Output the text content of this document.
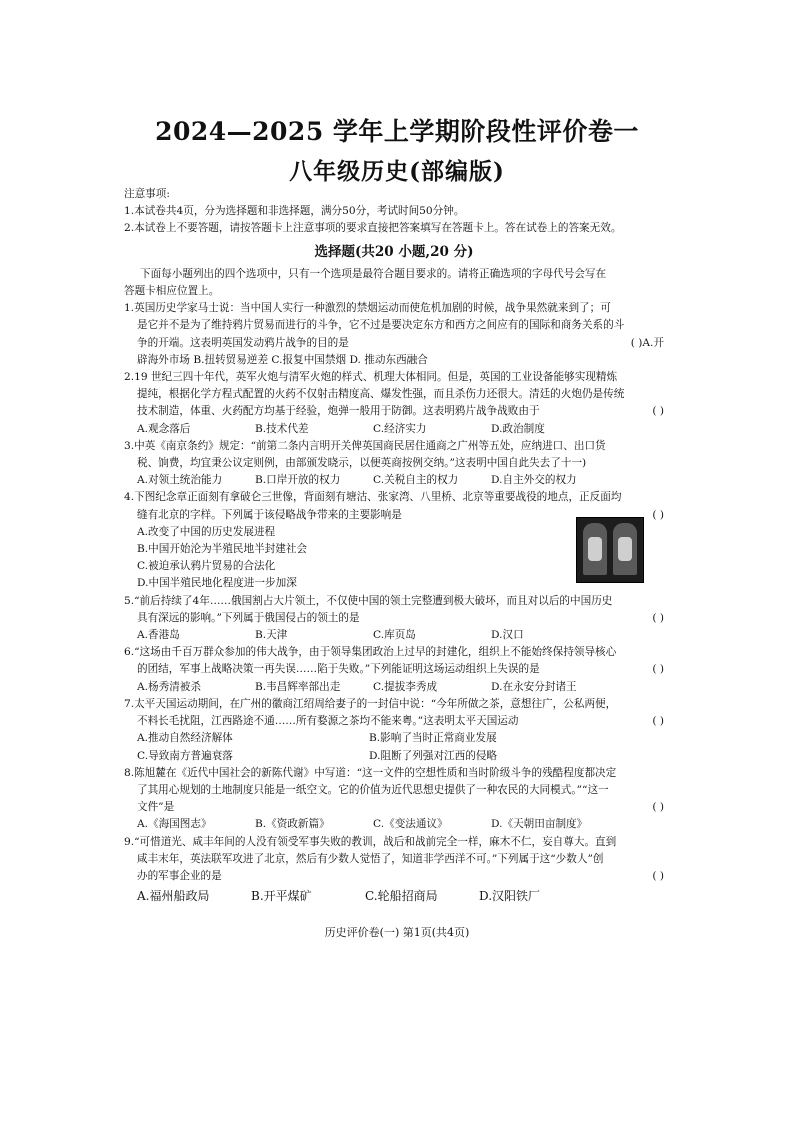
2024—2025 学年上学期阶段性评价卷一
八年级历史(部编版)
注意事项:
1.本试卷共4页，分为选择题和非选择题，满分50分，考试时间50分钟。
2.本试卷上不要答题，请按答题卡上注意事项的要求直接把答案填写在答题卡上。答在试卷上的答案无效。
选择题(共20 小题,20 分)
下面每小题列出的四个选项中，只有一个选项是最符合题目要求的。请将正确选项的字母代号会写在
答题卡相应位置上。
1.英国历史学家马士说：当中国人实行一种激烈的禁烟运动而使危机加剧的时候，战争果然就来到了；可
是它并不是为了维持鸦片贸易而进行的斗争，它不过是要决定东方和西方之间应有的国际和商务关系的斗
争的开端。这表明英国发动鸦片战争的目的是	( )A.开
辟海外市场 B.扭转贸易逆差 C.报复中国禁烟 D. 推动东西融合
2.19 世纪三四十年代，英军火炮与清军火炮的样式、机理大体相同。但是，英国的工业设备能够实现精炼
提纯，根据化学方程式配置的火药不仅射击精度高、爆发性强，而且杀伤力还很大。清廷的火炮仍是传统
技术制造，体重、火药配方均基于经验，炮弹一般用于防御。这表明鸦片战争战败由于	( )
A.观念落后	B.技术代差	C.经济实力	D.政治制度
3.中英《南京条约》规定：“前第二条内言明开关俾英国商民居住通商之广州等五处，应纳进口、出口货
税、饷费，均宜秉公议定则例，由部颁发晓示，以便英商按例交纳。”这表明中国自此失去了十一)
A.对领土统治能力	B.口岸开放的权力	C.关税自主的权力	D.自主外交的权力
4.下图纪念章正面刻有拿破仑三世像，背面刻有塘沽、张家湾、八里桥、北京等重要战役的地点，正反面均
缝有北京的字样。下列属于该侵略战争带来的主要影响是	( )
A.改变了中国的历史发展进程
B.中国开始沦为半殖民地半封建社会
C.被迫承认鸦片贸易的合法化
D.中国半殖民地化程度进一步加深
5.“前后持续了4年……俄国割占大片领土，不仅使中国的领土完整遭到极大破坏，而且对以后的中国历史
具有深远的影响。”下列属于俄国侵占的领土的是	( )
A.香港岛	B.天津	C.库页岛	D.汉口
6.“这场由千百万群众参加的伟大战争，由于领导集团政治上过早的封建化，组织上不能始终保持领导核心
的团结，军事上战略决策一再失误……陷于失败。”下列能证明这场运动组织上失误的是	( )
A.杨秀清被杀	B.韦昌辉率部出走	C.提拔李秀成	D.在永安分封诸王
7.太平天国运动期间，在广州的徽商江绍周给妻子的一封信中说：“今年所做之茶，意想往广，公私两便，
不料长毛扰阻，江西路途不通……所有婺源之茶均不能来粤。”这表明太平天国运动	( )
A.推动自然经济解体	B.影响了当时正常商业发展
C.导致南方普遍衰落	D.阻断了列强对江西的侵略
8.陈旭麓在《近代中国社会的新陈代谢》中写道：“这一文件的空想性质和当时阶级斗争的残酷程度都决定
了其用心规划的土地制度只能是一纸空文。它的价值为近代思想史提供了一种农民的大同模式。”“这一
文件”是	( )
A.《海国图志》	B.《资政新篇》	C.《变法通议》	D.《天朝田亩制度》
9.“可惜道光、咸丰年间的人没有领受军事失败的教训，战后和战前完全一样，麻木不仁，妄自尊大。直到
咸丰末年，英法联军攻进了北京，然后有少数人觉悟了，知道非学西洋不可。”下列属于这“少数人”创
办的军事企业的是	( )
A.福州船政局	B.开平煤矿	C.轮船招商局	D.汉阳铁厂
历史评价卷(一) 第1页(共4页)
